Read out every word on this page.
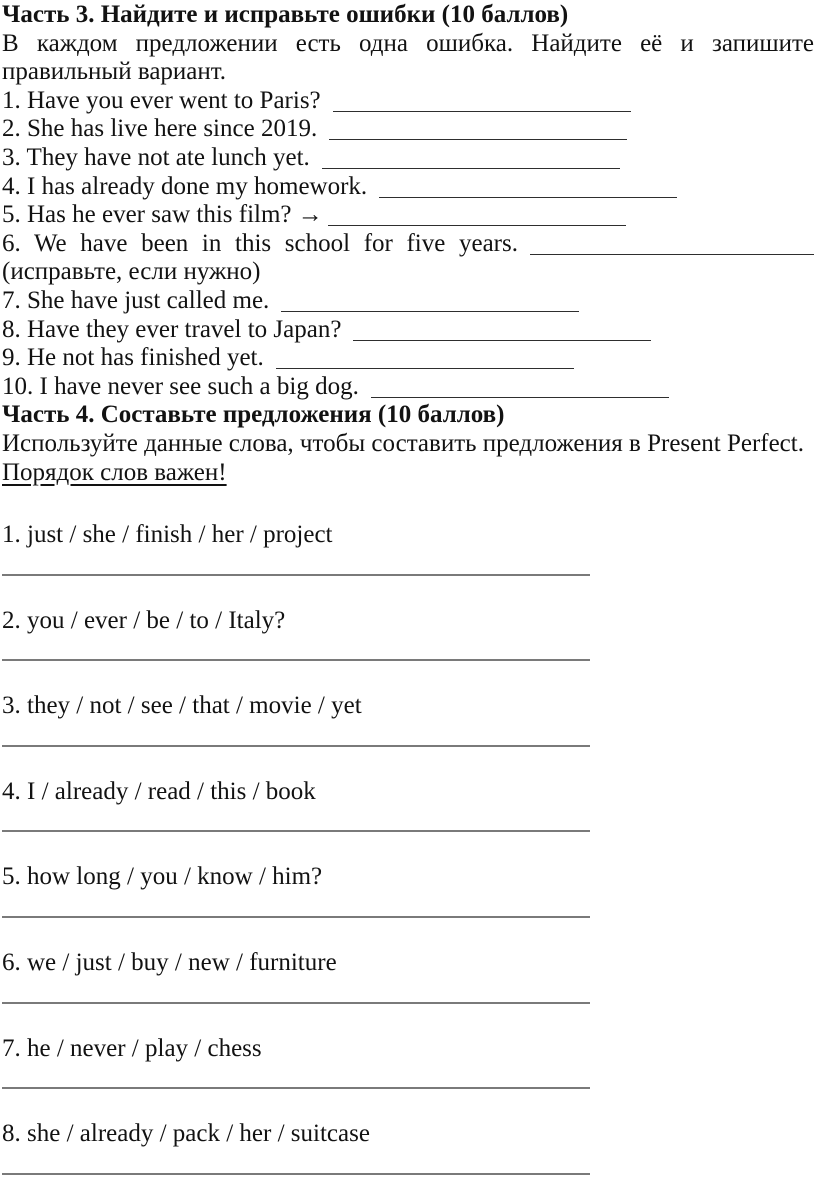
Часть 3. Найдите и исправьте ошибки (10 баллов)
В каждом предложении есть одна ошибка. Найдите её и запишите
правильный вариант.
1. Have you ever went to Paris?
2. She has live here since 2019.
3. They have not ate lunch yet.
4. I has already done my homework.
5. Has he ever saw this film? →
6. We have been in this school for five years.
(исправьте, если нужно)
7. She have just called me.
8. Have they ever travel to Japan?
9. He not has finished yet.
10. I have never see such a big dog.
Часть 4. Составьте предложения (10 баллов)
Используйте данные слова, чтобы составить предложения в Present Perfect.
Порядок слов важен!
1. just / she / finish / her / project
2. you / ever / be / to / Italy?
3. they / not / see / that / movie / yet
4. I / already / read / this / book
5. how long / you / know / him?
6. we / just / buy / new / furniture
7. he / never / play / chess
8. she / already / pack / her / suitcase
